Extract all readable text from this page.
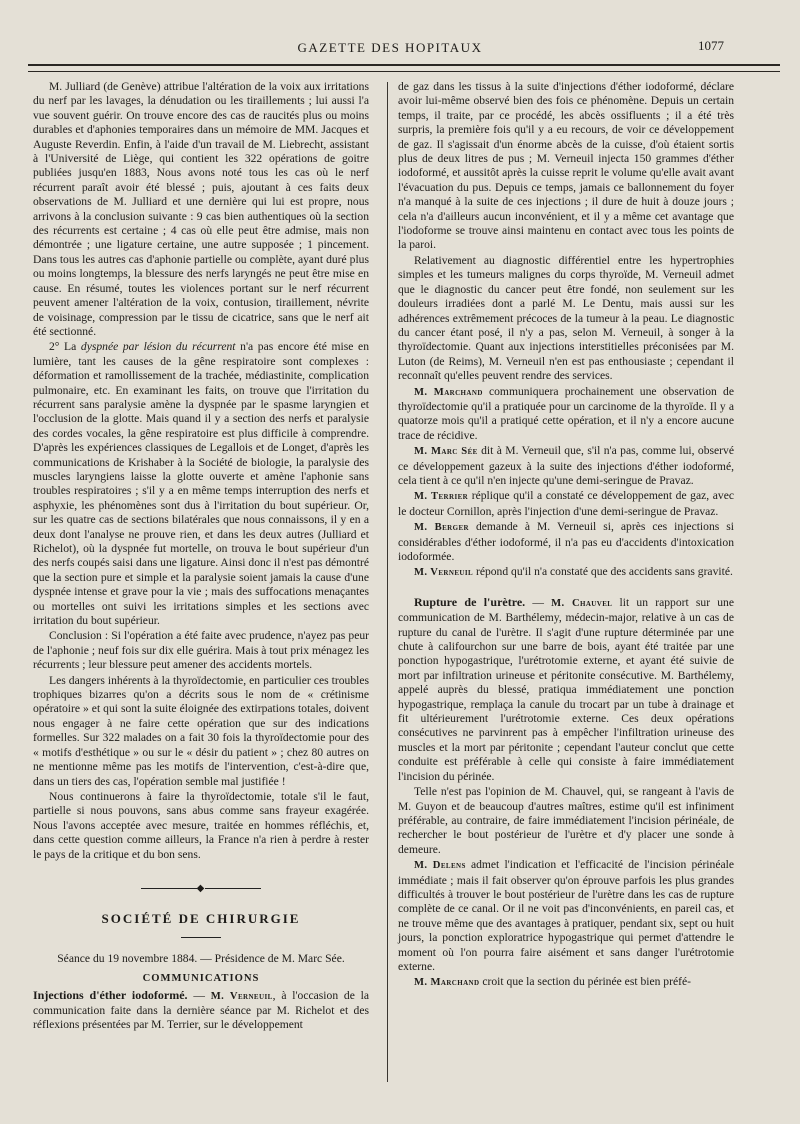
GAZETTE DES HOPITAUX	1077

M. Julliard (de Genève) attribue l'altération de la voix aux irritations du nerf par les lavages, la dénudation ou les tiraillements ; lui aussi l'a vue souvent guérir. On trouve encore des cas de raucités plus ou moins durables et d'aphonies temporaires dans un mémoire de MM. Jacques et Auguste Reverdin. Enfin, à l'aide d'un travail de M. Liebrecht, assistant à l'Université de Liège, qui contient les 322 opérations de goitre publiées jusqu'en 1883, Nous avons noté tous les cas où le nerf récurrent paraît avoir été blessé ; puis, ajoutant à ces faits deux observations de M. Julliard et une dernière qui lui est propre, nous arrivons à la conclusion suivante : 9 cas bien authentiques où la section des récurrents est certaine ; 4 cas où elle peut être admise, mais non démontrée ; une ligature certaine, une autre supposée ; 1 pincement. Dans tous les autres cas d'aphonie partielle ou complète, ayant duré plus ou moins longtemps, la blessure des nerfs laryngés ne peut être mise en cause. En résumé, toutes les violences portant sur le nerf récurrent peuvent amener l'altération de la voix, contusion, tiraillement, névrite de voisinage, compression par le tissu de cicatrice, sans que le nerf ait été sectionné.

2° La dyspnée par lésion du récurrent n'a pas encore été mise en lumière, tant les causes de la gêne respiratoire sont complexes : déformation et ramollissement de la trachée, médiastinite, complication pulmonaire, etc. En examinant les faits, on trouve que l'irritation du récurrent sans paralysie amène la dyspnée par le spasme laryngien et l'occlusion de la glotte. Mais quand il y a section des nerfs et paralysie des cordes vocales, la gêne respiratoire est plus difficile à comprendre. D'après les expériences classiques de Legallois et de Longet, d'après les communications de Krishaber à la Société de biologie, la paralysie des muscles laryngiens laisse la glotte ouverte et amène l'aphonie sans troubles respiratoires ; s'il y a en même temps interruption des nerfs et asphyxie, les phénomènes sont dus à l'irritation du bout supérieur. Or, sur les quatre cas de sections bilatérales que nous connaissons, il y en a deux dont l'analyse ne prouve rien, et dans les deux autres (Julliard et Richelot), où la dyspnée fut mortelle, on trouva le bout supérieur d'un des nerfs coupés saisi dans une ligature. Ainsi donc il n'est pas démontré que la section pure et simple et la paralysie soient jamais la cause d'une dyspnée intense et grave pour la vie ; mais des suffocations menaçantes ou mortelles ont suivi les irritations simples et les sections avec irritation du bout supérieur.

Conclusion : Si l'opération a été faite avec prudence, n'ayez pas peur de l'aphonie ; neuf fois sur dix elle guérira. Mais à tout prix ménagez les récurrents ; leur blessure peut amener des accidents mortels.

Les dangers inhérents à la thyroïdectomie, en particulier ces troubles trophiques bizarres qu'on a décrits sous le nom de « crétinisme opératoire » et qui sont la suite éloignée des extirpations totales, doivent nous engager à ne faire cette opération que sur des indications formelles. Sur 322 malades on a fait 30 fois la thyroïdectomie pour des « motifs d'esthétique » ou sur le « désir du patient » ; chez 80 autres on ne mentionne même pas les motifs de l'intervention, c'est-à-dire que, dans un tiers des cas, l'opération semble mal justifiée !

Nous continuerons à faire la thyroïdectomie, totale s'il le faut, partielle si nous pouvons, sans abus comme sans frayeur exagérée. Nous l'avons acceptée avec mesure, traitée en hommes réfléchis, et, dans cette question comme ailleurs, la France n'a rien à perdre à rester le pays de la critique et du bon sens.

◆
SOCIÉTÉ DE CHIRURGIE

Séance du 19 novembre 1884. — Présidence de M. Marc Sée.

COMMUNICATIONS

Injections d'éther iodoformé. — M. Verneuil, à l'occasion de la communication faite dans la dernière séance par M. Richelot et des réflexions présentées par M. Terrier, sur le développement

de gaz dans les tissus à la suite d'injections d'éther iodoformé, déclare avoir lui-même observé bien des fois ce phénomène. Depuis un certain temps, il traite, par ce procédé, les abcès ossifluents ; il a été très surpris, la première fois qu'il y a eu recours, de voir ce développement de gaz. Il s'agissait d'un énorme abcès de la cuisse, d'où étaient sortis plus de deux litres de pus ; M. Verneuil injecta 150 grammes d'éther iodoformé, et aussitôt après la cuisse reprit le volume qu'elle avait avant l'évacuation du pus. Depuis ce temps, jamais ce ballonnement du foyer n'a manqué à la suite de ces injections ; il dure de huit à douze jours ; cela n'a d'ailleurs aucun inconvénient, et il y a même cet avantage que l'iodoforme se trouve ainsi maintenu en contact avec tous les points de la paroi.

Relativement au diagnostic différentiel entre les hypertrophies simples et les tumeurs malignes du corps thyroïde, M. Verneuil admet que le diagnostic du cancer peut être fondé, non seulement sur les douleurs irradiées dont a parlé M. Le Dentu, mais aussi sur les adhérences extrêmement précoces de la tumeur à la peau. Le diagnostic du cancer étant posé, il n'y a pas, selon M. Verneuil, à songer à la thyroïdectomie. Quant aux injections interstitielles préconisées par M. Luton (de Reims), M. Verneuil n'en est pas enthousiaste ; cependant il reconnaît qu'elles peuvent rendre des services.

M. Marchand communiquera prochainement une observation de thyroïdectomie qu'il a pratiquée pour un carcinome de la thyroïde. Il y a quatorze mois qu'il a pratiqué cette opération, et il n'y a encore aucune trace de récidive.

M. Marc Sée dit à M. Verneuil que, s'il n'a pas, comme lui, observé ce développement gazeux à la suite des injections d'éther iodoformé, cela tient à ce qu'il n'en injecte qu'une demi-seringue de Pravaz.

M. Terrier réplique qu'il a constaté ce développement de gaz, avec le docteur Cornillon, après l'injection d'une demi-seringue de Pravaz.

M. Berger demande à M. Verneuil si, après ces injections si considérables d'éther iodoformé, il n'a pas eu d'accidents d'intoxication iodoformée.

M. Verneuil répond qu'il n'a constaté que des accidents sans gravité.

Rupture de l'urètre. — M. Chauvel lit un rapport sur une communication de M. Barthélemy, médecin-major, relative à un cas de rupture du canal de l'urètre. Il s'agit d'une rupture déterminée par une chute à califourchon sur une barre de bois, ayant été traitée par une ponction hypogastrique, l'urétrotomie externe, et ayant été suivie de mort par infiltration urineuse et péritonite consécutive. M. Barthélemy, appelé auprès du blessé, pratiqua immédiatement une ponction hypogastrique, remplaça la canule du trocart par un tube à drainage et fit ultérieurement l'urétrotomie externe. Ces deux opérations consécutives ne parvinrent pas à empêcher l'infiltration urineuse des muscles et la mort par péritonite ; cependant l'auteur conclut que cette conduite est préférable à celle qui consiste à faire immédiatement l'incision du périnée.

Telle n'est pas l'opinion de M. Chauvel, qui, se rangeant à l'avis de M. Guyon et de beaucoup d'autres maîtres, estime qu'il est infiniment préférable, au contraire, de faire immédiatement l'incision périnéale, de rechercher le bout postérieur de l'urètre et d'y placer une sonde à demeure.

M. Delens admet l'indication et l'efficacité de l'incision périnéale immédiate ; mais il fait observer qu'on éprouve parfois les plus grandes difficultés à trouver le bout postérieur de l'urètre dans les cas de rupture complète de ce canal. Or il ne voit pas d'inconvénients, en pareil cas, et ne trouve même que des avantages à pratiquer, pendant six, sept ou huit jours, la ponction exploratrice hypogastrique qui permet d'attendre le moment où l'on pourra faire aisément et sans danger l'urétrotomie externe.

M. Marchand croit que la section du périnée est bien préfé-
